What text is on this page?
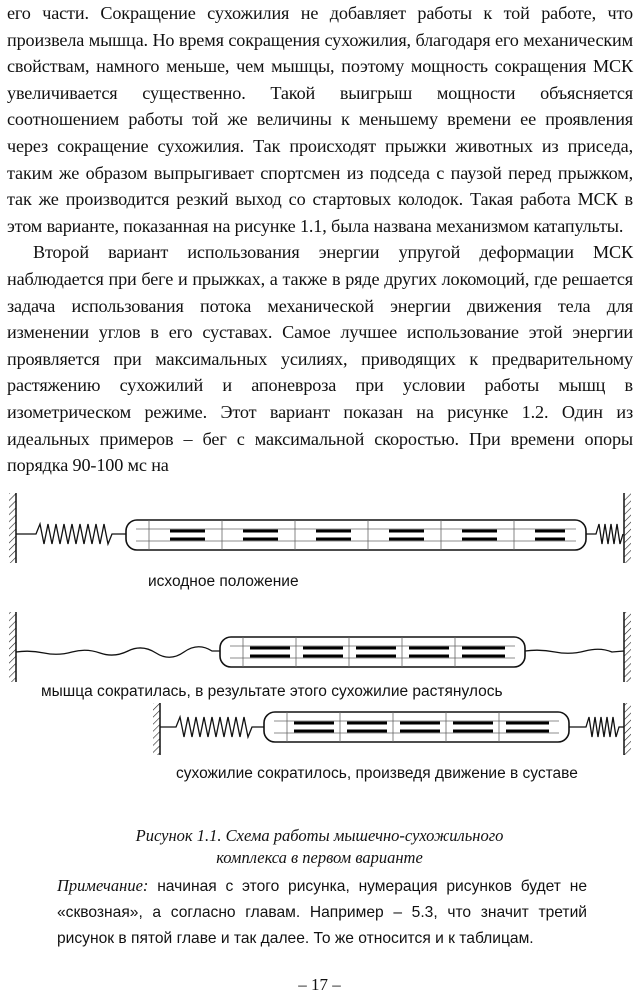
его части. Сокращение сухожилия не добавляет работы к той работе, что произвела мышца. Но время сокращения сухожилия, благодаря его механическим свойствам, намного меньше, чем мышцы, поэтому мощность сокращения МСК увеличивается существенно. Такой выигрыш мощности объясняется соотношением работы той же величины к меньшему времени ее проявления через сокращение сухожилия. Так происходят прыжки животных из приседа, таким же образом выпрыгивает спортсмен из подседа с паузой перед прыжком, так же производится резкий выход со стартовых колодок. Такая работа МСК в этом варианте, показанная на рисунке 1.1, была названа механизмом катапульты.

Второй вариант использования энергии упругой деформации МСК наблюдается при беге и прыжках, а также в ряде других локомоций, где решается задача использования потока механической энергии движения тела для изменении углов в его суставах. Самое лучшее использование этой энергии проявляется при максимальных усилиях, приводящих к предварительному растяжению сухожилий и апоневроза при условии работы мышц в изометрическом режиме. Этот вариант показан на рисунке 1.2. Один из идеальных примеров – бег с максимальной скоростью. При времени опоры порядка 90-100 мс на

исходное положение
мышца сократилась, в результате этого сухожилие растянулось
сухожилие сократилось, произведя движение в суставе
Рисунок 1.1. Схема работы мышечно-сухожильного
комплекса в первом варианте

Примечание: начиная с этого рисунка, нумерация рисунков будет не «сквозная», а согласно главам. Например – 5.3, что значит третий рисунок в пятой главе и так далее. То же относится и к таблицам.

– 17 –
